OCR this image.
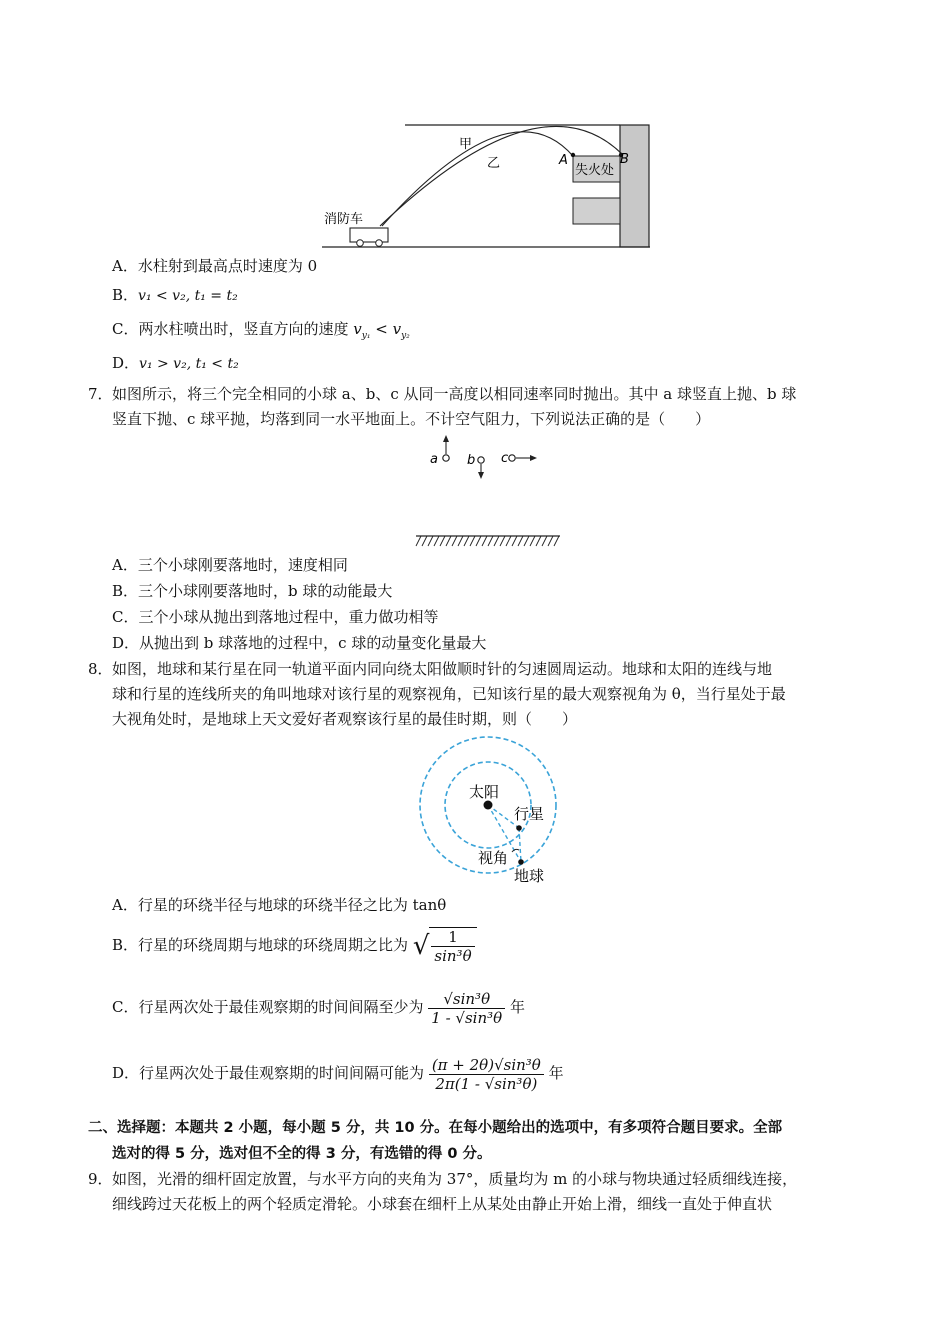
甲
乙	A	B
失火处
消防车
A．水柱射到最高点时速度为 0
B．v₁ < v₂, t₁ = t₂
C．两水柱喷出时，竖直方向的速度 $v_{y_1} < v_{y_2}$
D．v₁ > v₂, t₁ < t₂
7． 如图所示，将三个完全相同的小球 a、b、c 从同一高度以相同速率同时抛出。其中 a 球竖直上抛、b 球
竖直下抛、c 球平抛，均落到同一水平地面上。不计空气阻力，下列说法正确的是（　　）
a b c
A．三个小球刚要落地时，速度相同
B．三个小球刚要落地时，b 球的动能最大
C．三个小球从抛出到落地过程中，重力做功相等
D．从抛出到 b 球落地的过程中，c 球的动量变化量最大
8． 如图，地球和某行星在同一轨道平面内同向绕太阳做顺时针的匀速圆周运动。地球和太阳的连线与地
球和行星的连线所夹的角叫地球对该行星的观察视角，已知该行星的最大观察视角为 θ，当行星处于最
大视角处时，是地球上天文爱好者观察该行星的最佳时期，则（　　）
太阳
行星
视角
地球
A．行星的环绕半径与地球的环绕半径之比为 tanθ
B．行星的环绕周期与地球的环绕周期之比为 √ $\frac{1}{\text{sin³θ}}$
C．行星两次处于最佳观察期的时间间隔至少为 $\frac{\text{√sin³θ}}{\text{1 - √sin³θ}}$ 年
D．行星两次处于最佳观察期的时间间隔可能为 $\frac{\text{(π + 2θ)√sin³θ}}{\text{2π(1 - √sin³θ)}}$ 年
二、选择题：本题共 2 小题，每小题 5 分，共 10 分。在每小题给出的选项中，有多项符合题目要求。全部
选对的得 5 分，选对但不全的得 3 分，有选错的得 0 分。
9． 如图，光滑的细杆固定放置，与水平方向的夹角为 37°，质量均为 m 的小球与物块通过轻质细线连接，
细线跨过天花板上的两个轻质定滑轮。小球套在细杆上从某处由静止开始上滑，细线一直处于伸直状
